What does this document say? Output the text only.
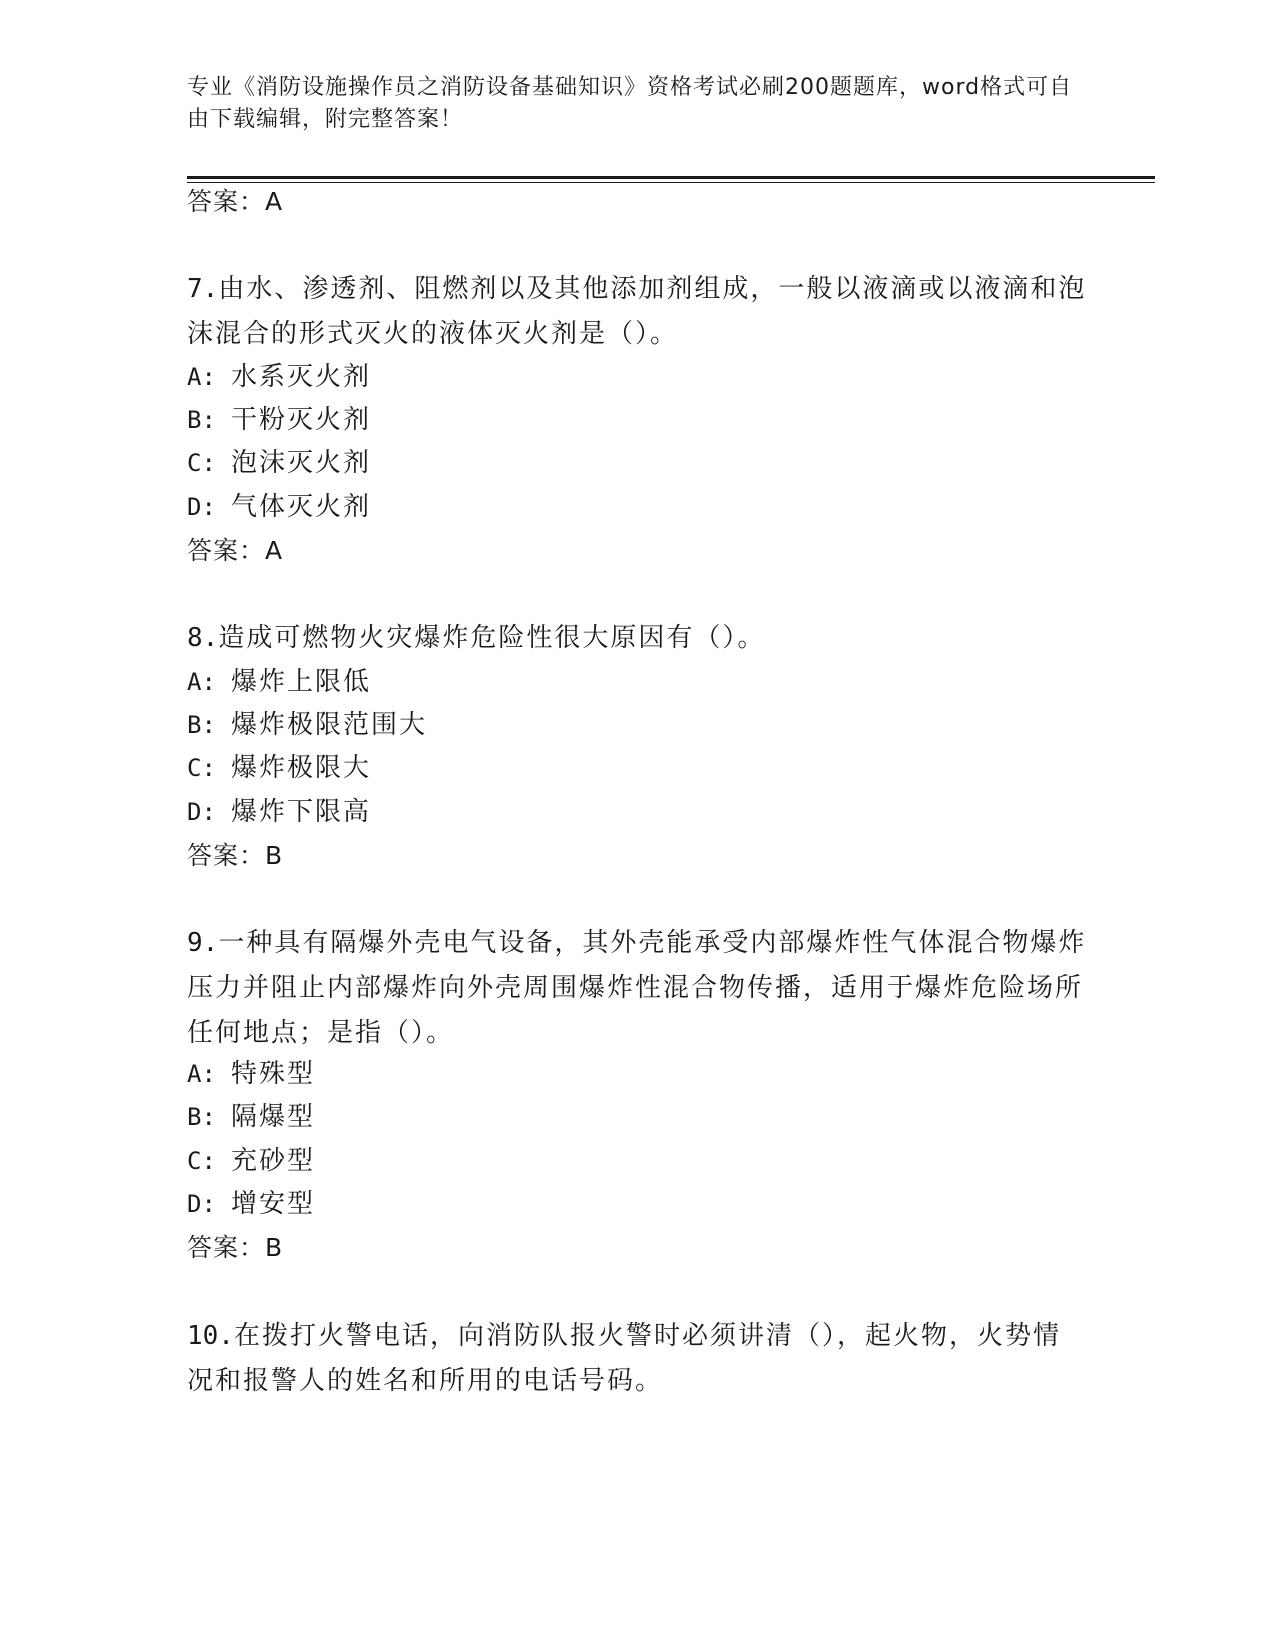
专业《消防设施操作员之消防设备基础知识》资格考试必刷200题题库，word格式可自由下载编辑，附完整答案！
答案：A
7.由水、渗透剂、阻燃剂以及其他添加剂组成，一般以液滴或以液滴和泡沫混合的形式灭火的液体灭火剂是（）。
A: 水系灭火剂
B: 干粉灭火剂
C: 泡沫灭火剂
D: 气体灭火剂
答案：A
8.造成可燃物火灾爆炸危险性很大原因有（）。
A: 爆炸上限低
B: 爆炸极限范围大
C: 爆炸极限大
D: 爆炸下限高
答案：B
9.一种具有隔爆外壳电气设备，其外壳能承受内部爆炸性气体混合物爆炸压力并阻止内部爆炸向外壳周围爆炸性混合物传播，适用于爆炸危险场所任何地点；是指（）。
A: 特殊型
B: 隔爆型
C: 充砂型
D: 增安型
答案：B
10.在拨打火警电话，向消防队报火警时必须讲清（），起火物，火势情况和报警人的姓名和所用的电话号码。
